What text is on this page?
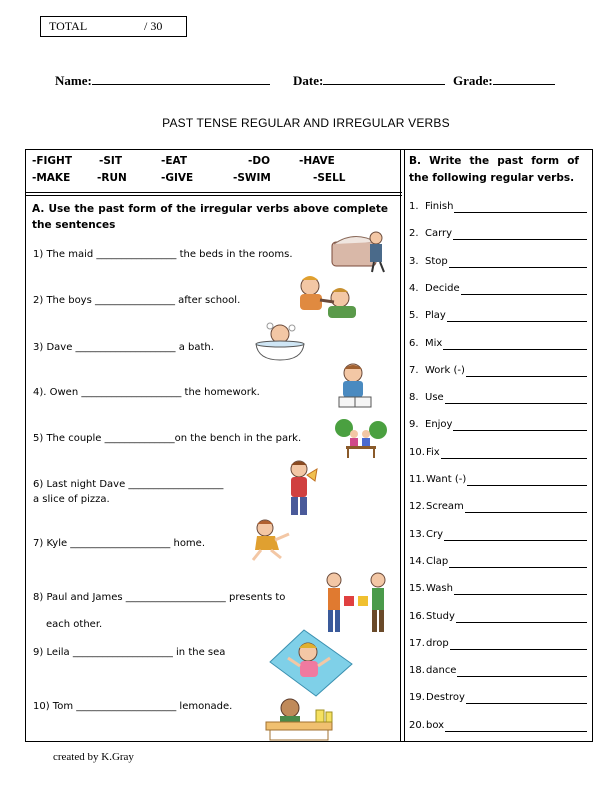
TOTAL	/ 30
Name:	Date:	Grade:
PAST TENSE REGULAR AND IRREGULAR VERBS
-FIGHT	-SIT	-EAT	-DO	-HAVE
-MAKE	-RUN	-GIVE	-SWIM	-SELL
A. Use the past form of the irregular verbs above complete the sentences
1) The maid ________________ the beds in the rooms.
2) The boys ________________ after school.
3) Dave ____________________ a bath.
4). Owen ____________________ the homework.
5) The couple ______________on the bench in the park.
6) Last night Dave ___________________
a slice of pizza.
7) Kyle ____________________ home.
8) Paul and James ____________________ presents to
each other.
9) Leila ____________________ in the sea
10) Tom ____________________ lemonade.
B. Write the past form of the following regular verbs.
1. Finish
2. Carry
3. Stop
4. Decide
5. Play
6. Mix
7. Work (-)
8. Use
9. Enjoy
10.Fix
11.Want (-)
12.Scream
13.Cry
14.Clap
15.Wash
16.Study
17.drop
18.dance
19.Destroy
20.box
created by K.Gray
